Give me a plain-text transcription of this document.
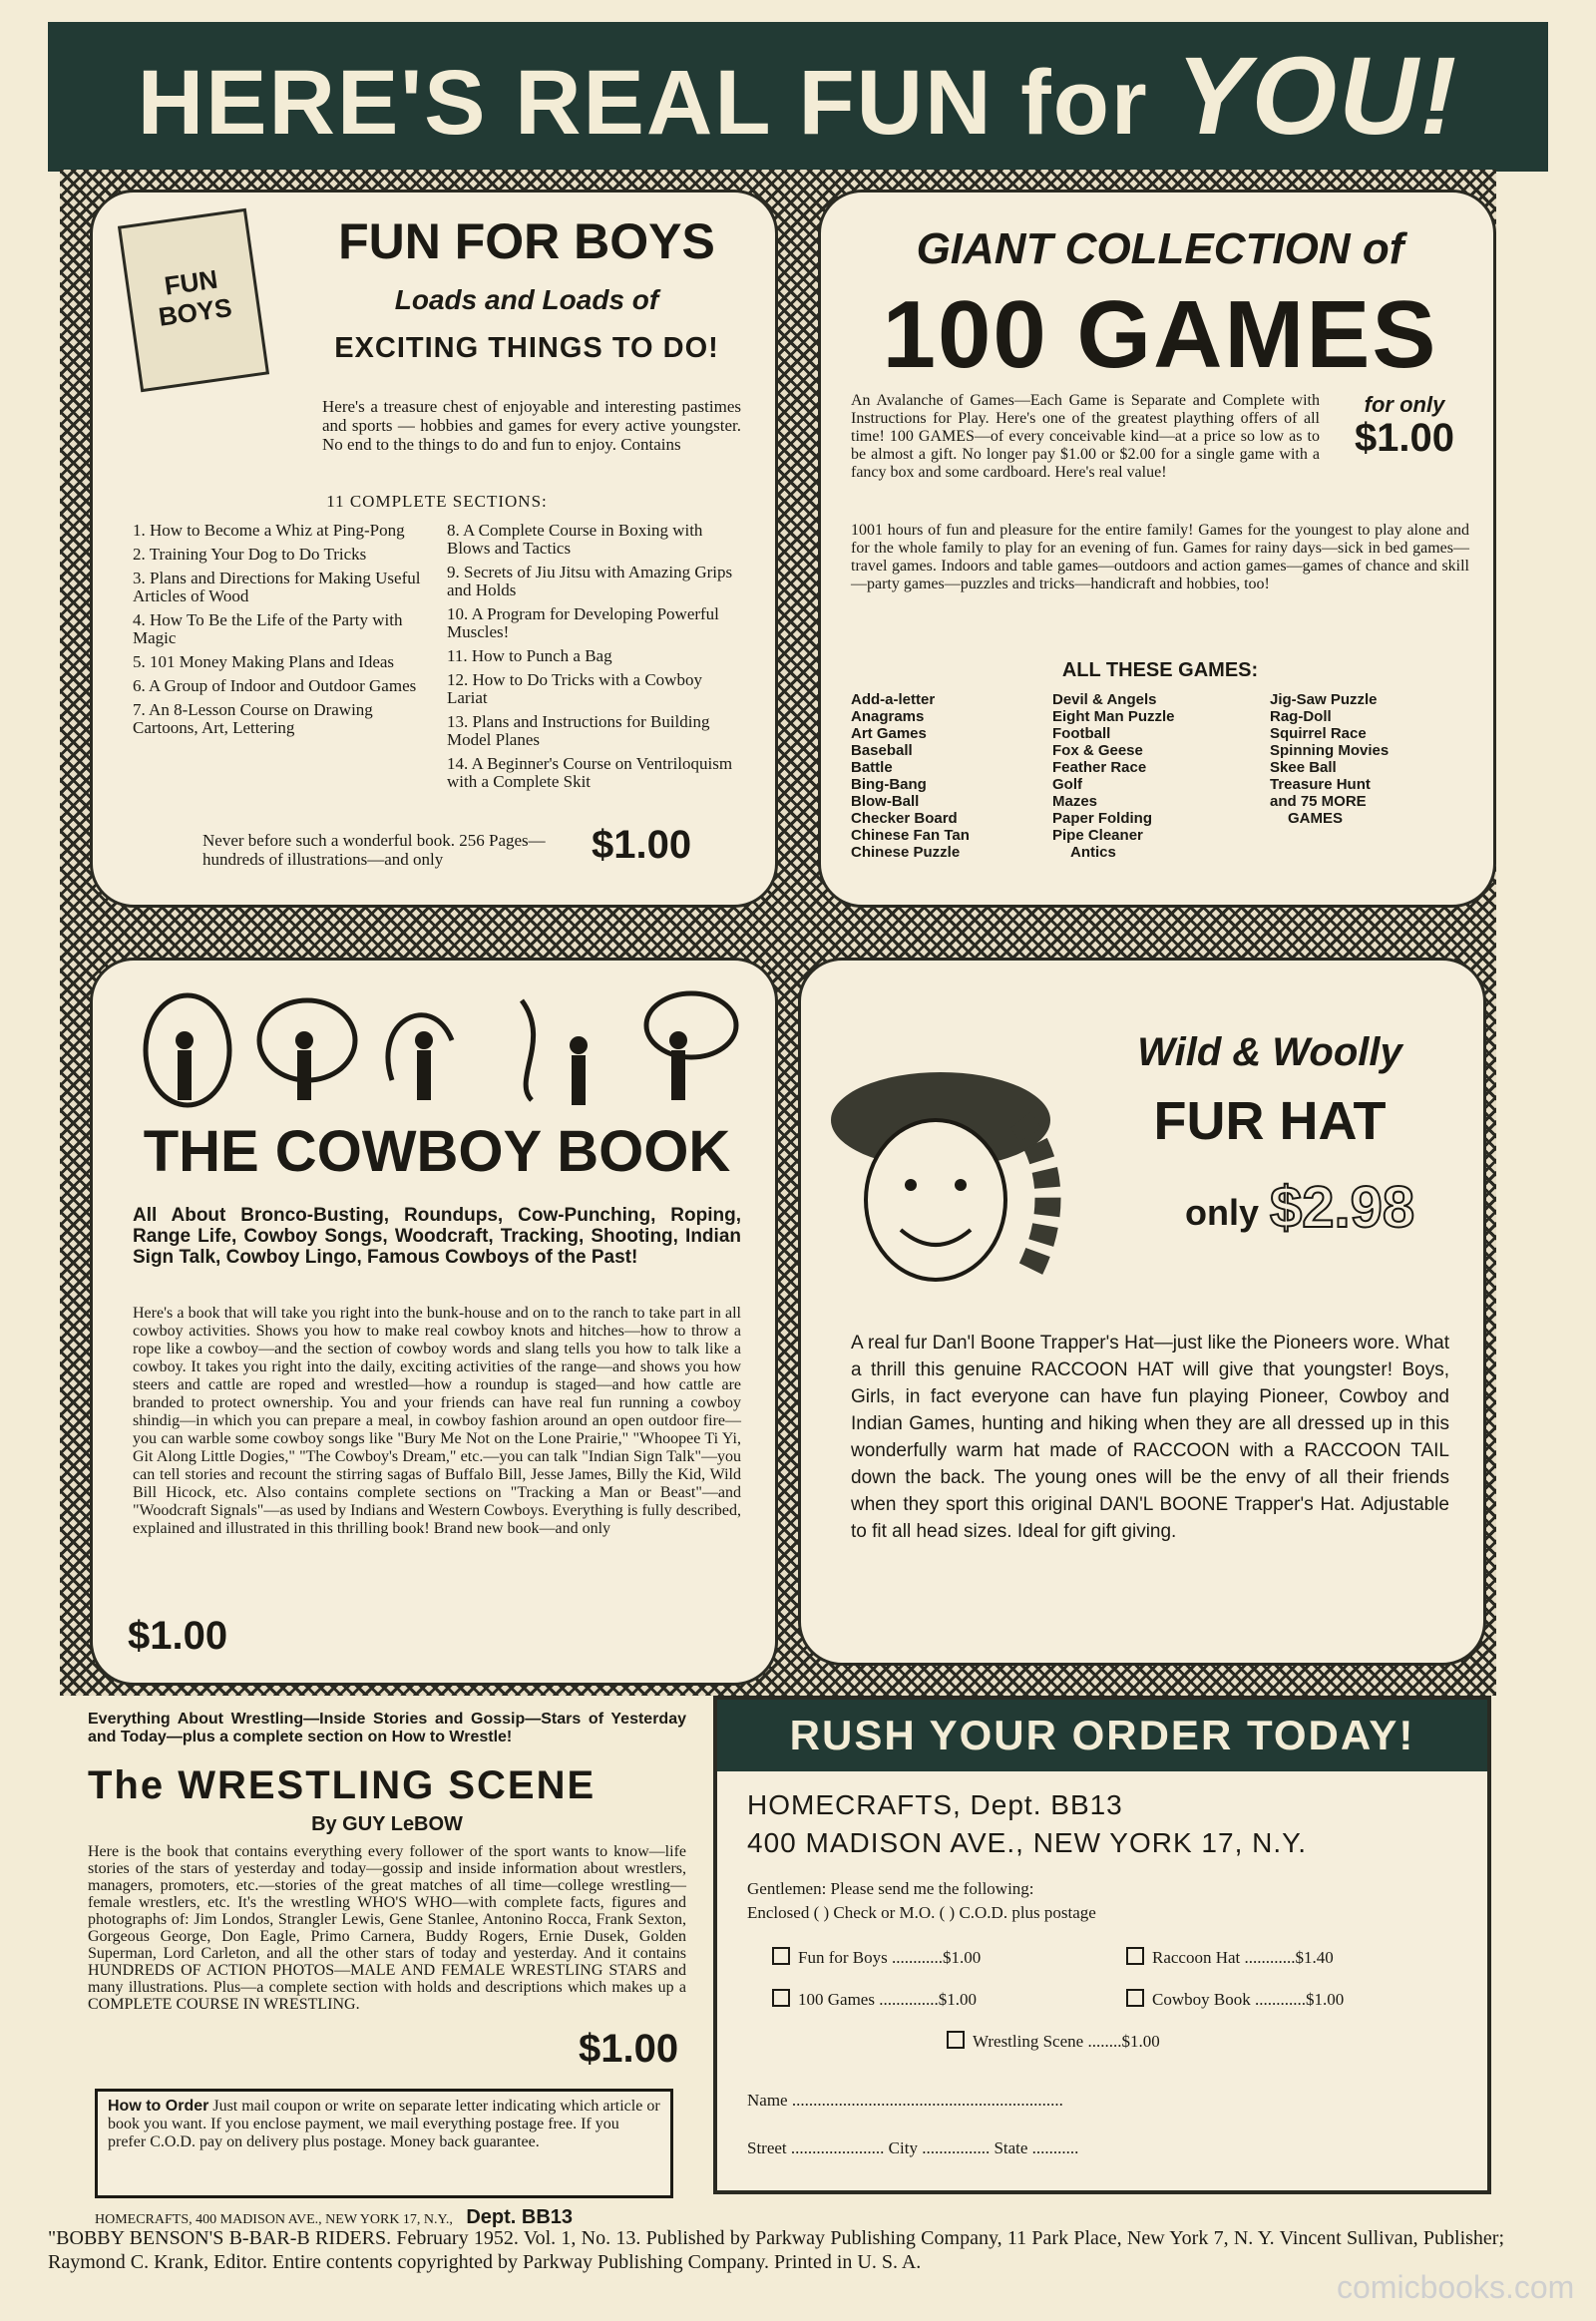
HERE'S REAL FUN for YOU!
FUN BOYS
FUN FOR BOYS
Loads and Loads of
EXCITING THINGS TO DO!
Here's a treasure chest of enjoyable and interesting pastimes and sports — hobbies and games for every active youngster. No end to the things to do and fun to enjoy. Contains
11 COMPLETE SECTIONS:
1. How to Become a Whiz at Ping-Pong
2. Training Your Dog to Do Tricks
3. Plans and Directions for Making Useful Articles of Wood
4. How To Be the Life of the Party with Magic
5. 101 Money Making Plans and Ideas
6. A Group of Indoor and Outdoor Games
7. An 8-Lesson Course on Drawing Cartoons, Art, Lettering
8. A Complete Course in Boxing with Blows and Tactics
9. Secrets of Jiu Jitsu with Amazing Grips and Holds
10. A Program for Developing Powerful Muscles!
11. How to Punch a Bag
12. How to Do Tricks with a Cowboy Lariat
13. Plans and Instructions for Building Model Planes
14. A Beginner's Course on Ventriloquism with a Complete Skit
Never before such a wonderful book. 256 Pages—hundreds of illustrations—and only	$1.00
GIANT COLLECTION of
100 GAMES
An Avalanche of Games—Each Game is Separate and Complete with Instructions for Play. Here's one of the greatest plaything offers of all time! 100 GAMES—of every conceivable kind—at a price so low as to be almost a gift. No longer pay $1.00 or $2.00 for a single game with a fancy box and some cardboard. Here's real value!
for only
$1.00
1001 hours of fun and pleasure for the entire family! Games for the youngest to play alone and for the whole family to play for an evening of fun. Games for rainy days—sick in bed games—travel games. Indoors and table games—outdoors and action games—games of chance and skill—party games—puzzles and tricks—handicraft and hobbies, too!
ALL THESE GAMES:
Add-a-letter
Anagrams
Art Games
Baseball
Battle
Bing-Bang
Blow-Ball
Checker Board
Chinese Fan Tan
Chinese Puzzle
Devil & Angels
Eight Man Puzzle
Football
Fox & Geese
Feather Race
Golf
Mazes
Paper Folding
Pipe Cleaner
Antics
Jig-Saw Puzzle
Rag-Doll
Squirrel Race
Spinning Movies
Skee Ball
Treasure Hunt
and 75 MORE
GAMES
THE COWBOY BOOK
All About Bronco-Busting, Roundups, Cow-Punching, Roping, Range Life, Cowboy Songs, Woodcraft, Tracking, Shooting, Indian Sign Talk, Cowboy Lingo, Famous Cowboys of the Past!
Here's a book that will take you right into the bunk-house and on to the ranch to take part in all cowboy activities. Shows you how to make real cowboy knots and hitches—how to throw a rope like a cowboy—and the section of cowboy words and slang tells you how to talk like a cowboy. It takes you right into the daily, exciting activities of the range—and shows you how steers and cattle are roped and wrestled—how a roundup is staged—and how cattle are branded to protect ownership. You and your friends can have real fun running a cowboy shindig—in which you can prepare a meal, in cowboy fashion around an open outdoor fire—you can warble some cowboy songs like "Bury Me Not on the Lone Prairie," "Whoopee Ti Yi, Git Along Little Dogies," "The Cowboy's Dream," etc.—you can talk "Indian Sign Talk"—you can tell stories and recount the stirring sagas of Buffalo Bill, Jesse James, Billy the Kid, Wild Bill Hicock, etc. Also contains complete sections on "Tracking a Man or Beast"—and "Woodcraft Signals"—as used by Indians and Western Cowboys. Everything is fully described, explained and illustrated in this thrilling book! Brand new book—and only
$1.00
Wild & Woolly
FUR HAT
only $2.98
A real fur Dan'l Boone Trapper's Hat—just like the Pioneers wore. What a thrill this genuine RACCOON HAT will give that youngster! Boys, Girls, in fact everyone can have fun playing Pioneer, Cowboy and Indian Games, hunting and hiking when they are all dressed up in this wonderfully warm hat made of RACCOON with a RACCOON TAIL down the back. The young ones will be the envy of all their friends when they sport this original DAN'L BOONE Trapper's Hat. Adjustable to fit all head sizes. Ideal for gift giving.
Everything About Wrestling—Inside Stories and Gossip—Stars of Yesterday and Today—plus a complete section on How to Wrestle!
The WRESTLING SCENE
By GUY LeBOW
Here is the book that contains everything every follower of the sport wants to know—life stories of the stars of yesterday and today—gossip and inside information about wrestlers, managers, promoters, etc.—stories of the great matches of all time—college wrestling—female wrestlers, etc. It's the wrestling WHO'S WHO—with complete facts, figures and photographs of: Jim Londos, Strangler Lewis, Gene Stanlee, Antonino Rocca, Frank Sexton, Gorgeous George, Don Eagle, Primo Carnera, Buddy Rogers, Ernie Dusek, Golden Superman, Lord Carleton, and all the other stars of today and yesterday. And it contains HUNDREDS OF ACTION PHOTOS—MALE AND FEMALE WRESTLING STARS and many illustrations. Plus—a complete section with holds and descriptions which makes up a COMPLETE COURSE IN WRESTLING.
$1.00
How to Order Just mail coupon or write on separate letter indicating which article or book you want. If you enclose payment, we mail everything postage free. If you prefer C.O.D. pay on delivery plus postage. Money back guarantee.
HOMECRAFTS, 400 MADISON AVE., NEW YORK 17, N.Y., Dept. BB13
RUSH YOUR ORDER TODAY!
HOMECRAFTS, Dept. BB13
400 MADISON AVE., NEW YORK 17, N.Y.
Gentlemen: Please send me the following:
Enclosed ( ) Check or M.O. ( ) C.O.D. plus postage
Fun for Boys ............$1.00	Raccoon Hat ............$1.40
100 Games ..............$1.00	Cowboy Book ............$1.00
Wrestling Scene ........$1.00
Name ................................................................
Street ...................... City ................ State ...........
"BOBBY BENSON'S B-BAR-B RIDERS. February 1952. Vol. 1, No. 13. Published by Parkway Publishing Company, 11 Park Place, New York 7, N. Y. Vincent Sullivan, Publisher; Raymond C. Krank, Editor. Entire contents copyrighted by Parkway Publishing Company. Printed in U. S. A.
comicbooks.com
